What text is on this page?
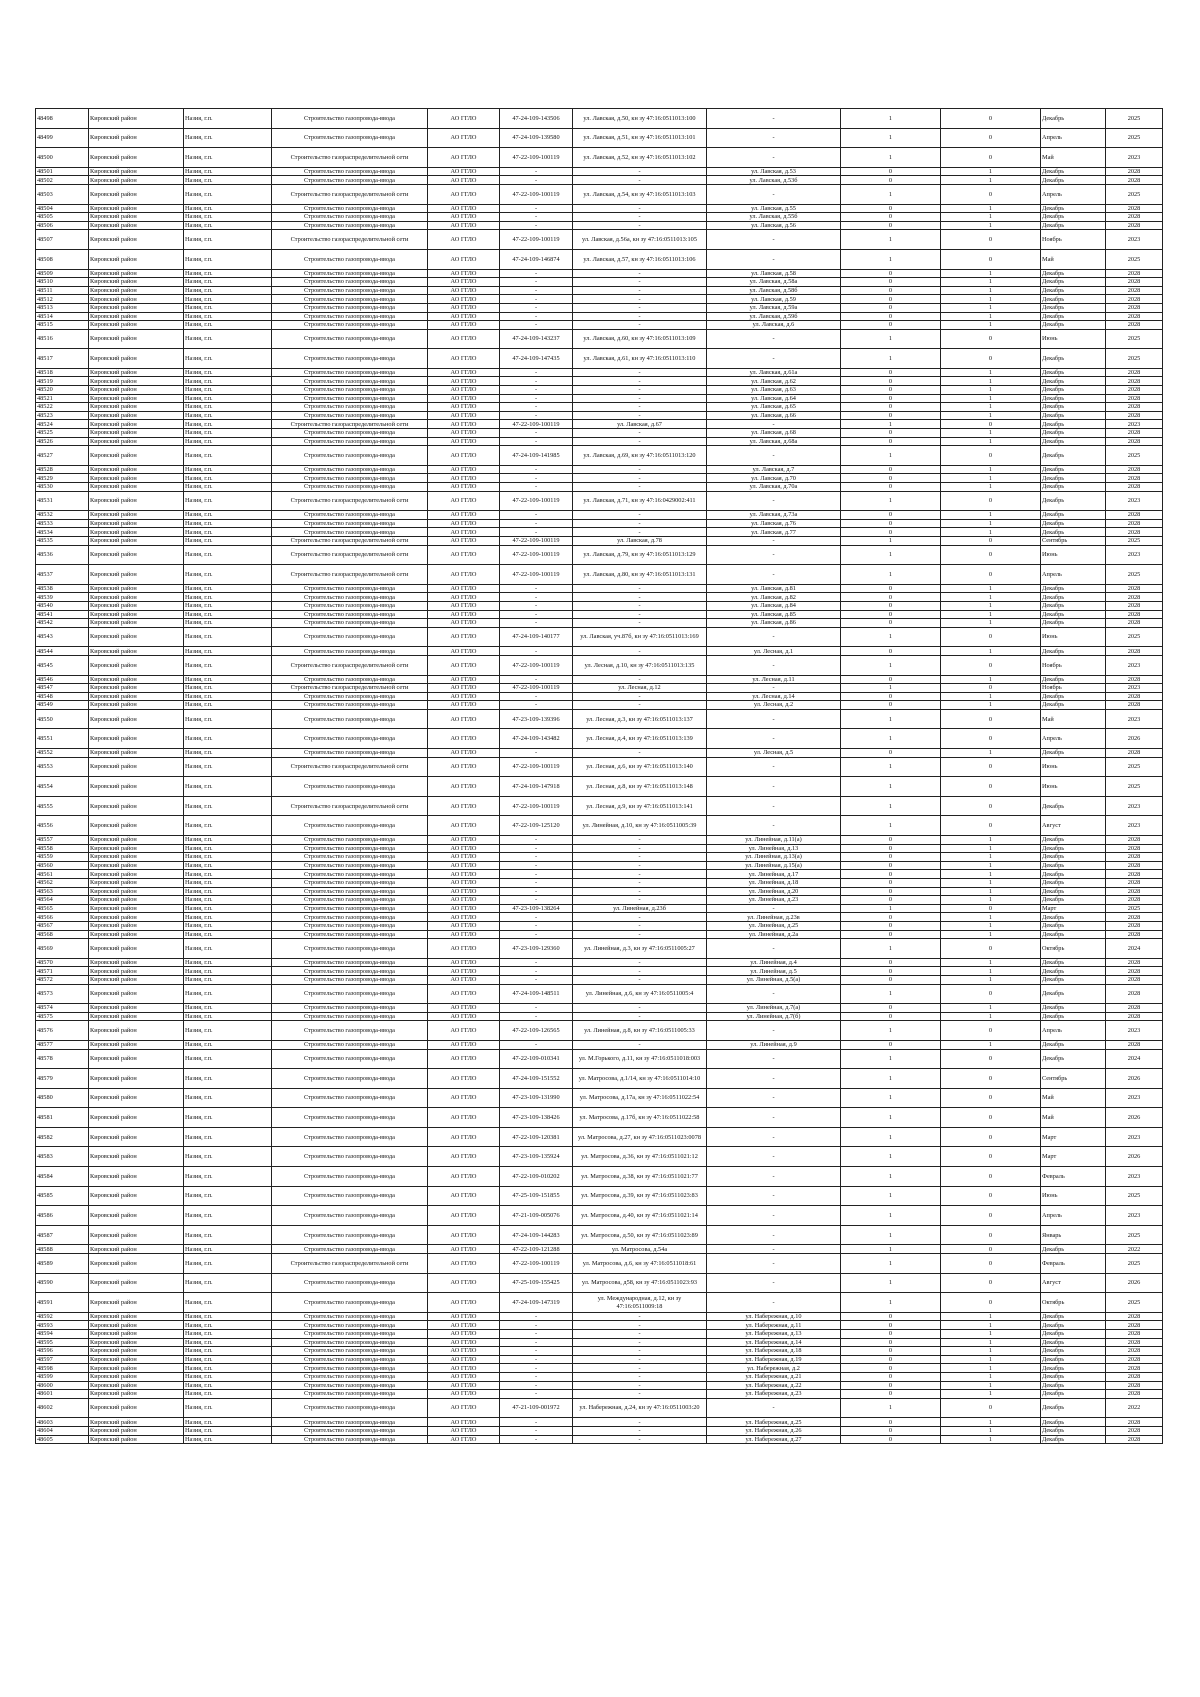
48498	Кировский район	Назия, г.п.	Строительство газопровода-ввода	АО ГГЛО	47-24-109-143506	ул. Лавская, д.50, кн зу 47:16:0511013:100	-	1	0	Декабрь	2025
48499	Кировский район	Назия, г.п.	Строительство газопровода-ввода	АО ГГЛО	47-24-109-139580	ул. Лавская, д.51, кн зу 47:16:0511013:101	-	1	0	Апрель	2025
48500	Кировский район	Назия, г.п.	Строительство газораспределительной сети	АО ГГЛО	47-22-109-100119	ул. Лавская, д.52, кн зу 47:16:0511013:102	-	1	0	Май	2023
48501	Кировский район	Назия, г.п.	Строительство газопровода-ввода	АО ГГЛО	-	-	ул. Лавская, д.53	0	1	Декабрь	2028
48502	Кировский район	Назия, г.п.	Строительство газопровода-ввода	АО ГГЛО	-	-	ул. Лавская, д.53б	0	1	Декабрь	2028
48503	Кировский район	Назия, г.п.	Строительство газораспределительной сети	АО ГГЛО	47-22-109-100119	ул. Лавская, д.54, кн зу 47:16:0511013:103	-	1	0	Апрель	2025
48504	Кировский район	Назия, г.п.	Строительство газопровода-ввода	АО ГГЛО	-	-	ул. Лавская, д.55	0	1	Декабрь	2028
48505	Кировский район	Назия, г.п.	Строительство газопровода-ввода	АО ГГЛО	-	-	ул. Лавская, д.55б	0	1	Декабрь	2028
48506	Кировский район	Назия, г.п.	Строительство газопровода-ввода	АО ГГЛО	-	-	ул. Лавская, д.56	0	1	Декабрь	2028
48507	Кировский район	Назия, г.п.	Строительство газораспределительной сети	АО ГГЛО	47-22-109-100119	ул. Лавская, д.56а, кн зу 47:16:0511013:105	-	1	0	Ноябрь	2023
48508	Кировский район	Назия, г.п.	Строительство газопровода-ввода	АО ГГЛО	47-24-109-146874	ул. Лавская, д.57, кн зу 47:16:0511013:106	-	1	0	Май	2025
48509	Кировский район	Назия, г.п.	Строительство газопровода-ввода	АО ГГЛО	-	-	ул. Лавская, д.58	0	1	Декабрь	2028
48510	Кировский район	Назия, г.п.	Строительство газопровода-ввода	АО ГГЛО	-	-	ул. Лавская, д.58а	0	1	Декабрь	2028
48511	Кировский район	Назия, г.п.	Строительство газопровода-ввода	АО ГГЛО	-	-	ул. Лавская, д.58б	0	1	Декабрь	2028
48512	Кировский район	Назия, г.п.	Строительство газопровода-ввода	АО ГГЛО	-	-	ул. Лавская, д.59	0	1	Декабрь	2028
48513	Кировский район	Назия, г.п.	Строительство газопровода-ввода	АО ГГЛО	-	-	ул. Лавская, д.59а	0	1	Декабрь	2028
48514	Кировский район	Назия, г.п.	Строительство газопровода-ввода	АО ГГЛО	-	-	ул. Лавская, д.59б	0	1	Декабрь	2028
48515	Кировский район	Назия, г.п.	Строительство газопровода-ввода	АО ГГЛО	-	-	ул. Лавская, д.6	0	1	Декабрь	2028
48516	Кировский район	Назия, г.п.	Строительство газопровода-ввода	АО ГГЛО	47-24-109-143237	ул. Лавская, д.60, кн зу 47:16:0511013:109	-	1	0	Июнь	2025
48517	Кировский район	Назия, г.п.	Строительство газопровода-ввода	АО ГГЛО	47-24-109-147435	ул. Лавская, д.61, кн зу 47:16:0511013:110	-	1	0	Декабрь	2025
48518	Кировский район	Назия, г.п.	Строительство газопровода-ввода	АО ГГЛО	-	-	ул. Лавская, д.61а	0	1	Декабрь	2028
48519	Кировский район	Назия, г.п.	Строительство газопровода-ввода	АО ГГЛО	-	-	ул. Лавская, д.62	0	1	Декабрь	2028
48520	Кировский район	Назия, г.п.	Строительство газопровода-ввода	АО ГГЛО	-	-	ул. Лавская, д.63	0	1	Декабрь	2028
48521	Кировский район	Назия, г.п.	Строительство газопровода-ввода	АО ГГЛО	-	-	ул. Лавская, д.64	0	1	Декабрь	2028
48522	Кировский район	Назия, г.п.	Строительство газопровода-ввода	АО ГГЛО	-	-	ул. Лавская, д.65	0	1	Декабрь	2028
48523	Кировский район	Назия, г.п.	Строительство газопровода-ввода	АО ГГЛО	-	-	ул. Лавская, д.66	0	1	Декабрь	2028
48524	Кировский район	Назия, г.п.	Строительство газораспределительной сети	АО ГГЛО	47-22-109-100119	ул. Лавская, д.67	-	1	0	Декабрь	2023
48525	Кировский район	Назия, г.п.	Строительство газопровода-ввода	АО ГГЛО	-	-	ул. Лавская, д.68	0	1	Декабрь	2028
48526	Кировский район	Назия, г.п.	Строительство газопровода-ввода	АО ГГЛО	-	-	ул. Лавская, д.68а	0	1	Декабрь	2028
48527	Кировский район	Назия, г.п.	Строительство газопровода-ввода	АО ГГЛО	47-24-109-141985	ул. Лавская, д.69, кн зу 47:16:0511013:120	-	1	0	Декабрь	2025
48528	Кировский район	Назия, г.п.	Строительство газопровода-ввода	АО ГГЛО	-	-	ул. Лавская, д.7	0	1	Декабрь	2028
48529	Кировский район	Назия, г.п.	Строительство газопровода-ввода	АО ГГЛО	-	-	ул. Лавская, д.70	0	1	Декабрь	2028
48530	Кировский район	Назия, г.п.	Строительство газопровода-ввода	АО ГГЛО	-	-	ул. Лавская, д.70а	0	1	Декабрь	2028
48531	Кировский район	Назия, г.п.	Строительство газораспределительной сети	АО ГГЛО	47-22-109-100119	ул. Лавская, д.71, кн зу 47:16:0429002:411	-	1	0	Декабрь	2023
48532	Кировский район	Назия, г.п.	Строительство газопровода-ввода	АО ГГЛО	-	-	ул. Лавская, д.73а	0	1	Декабрь	2028
48533	Кировский район	Назия, г.п.	Строительство газопровода-ввода	АО ГГЛО	-	-	ул. Лавская, д.76	0	1	Декабрь	2028
48534	Кировский район	Назия, г.п.	Строительство газопровода-ввода	АО ГГЛО	-	-	ул. Лавская, д.77	0	1	Декабрь	2028
48535	Кировский район	Назия, г.п.	Строительство газораспределительной сети	АО ГГЛО	47-22-109-100119	ул. Лавская, д.78	-	1	0	Сентябрь	2025
48536	Кировский район	Назия, г.п.	Строительство газораспределительной сети	АО ГГЛО	47-22-109-100119	ул. Лавская, д.79, кн зу 47:16:0511013:129	-	1	0	Июнь	2023
48537	Кировский район	Назия, г.п.	Строительство газораспределительной сети	АО ГГЛО	47-22-109-100119	ул. Лавская, д.80, кн зу 47:16:0511013:131	-	1	0	Апрель	2025
48538	Кировский район	Назия, г.п.	Строительство газопровода-ввода	АО ГГЛО	-	-	ул. Лавская, д.81	0	1	Декабрь	2028
48539	Кировский район	Назия, г.п.	Строительство газопровода-ввода	АО ГГЛО	-	-	ул. Лавская, д.82	0	1	Декабрь	2028
48540	Кировский район	Назия, г.п.	Строительство газопровода-ввода	АО ГГЛО	-	-	ул. Лавская, д.84	0	1	Декабрь	2028
48541	Кировский район	Назия, г.п.	Строительство газопровода-ввода	АО ГГЛО	-	-	ул. Лавская, д.85	0	1	Декабрь	2028
48542	Кировский район	Назия, г.п.	Строительство газопровода-ввода	АО ГГЛО	-	-	ул. Лавская, д.86	0	1	Декабрь	2028
48543	Кировский район	Назия, г.п.	Строительство газопровода-ввода	АО ГГЛО	47-24-109-140177	ул. Лавская, уч.87б, кн зу 47:16:0511013:169	-	1	0	Июнь	2025
48544	Кировский район	Назия, г.п.	Строительство газопровода-ввода	АО ГГЛО	-	-	ул. Лесная, д.1	0	1	Декабрь	2028
48545	Кировский район	Назия, г.п.	Строительство газораспределительной сети	АО ГГЛО	47-22-109-100119	ул. Лесная, д.10, кн зу 47:16:0511013:135	-	1	0	Ноябрь	2023
48546	Кировский район	Назия, г.п.	Строительство газопровода-ввода	АО ГГЛО	-	-	ул. Лесная, д.11	0	1	Декабрь	2028
48547	Кировский район	Назия, г.п.	Строительство газораспределительной сети	АО ГГЛО	47-22-109-100119	ул. Лесная, д.12	-	1	0	Ноябрь	2023
48548	Кировский район	Назия, г.п.	Строительство газопровода-ввода	АО ГГЛО	-	-	ул. Лесная, д.14	0	1	Декабрь	2028
48549	Кировский район	Назия, г.п.	Строительство газопровода-ввода	АО ГГЛО	-	-	ул. Лесная, д.2	0	1	Декабрь	2028
48550	Кировский район	Назия, г.п.	Строительство газопровода-ввода	АО ГГЛО	47-23-109-139396	ул. Лесная, д.3, кн зу 47:16:0511013:137	-	1	0	Май	2023
48551	Кировский район	Назия, г.п.	Строительство газопровода-ввода	АО ГГЛО	47-24-109-143482	ул. Лесная, д.4, кн зу 47:16:0511013:139	-	1	0	Апрель	2026
48552	Кировский район	Назия, г.п.	Строительство газопровода-ввода	АО ГГЛО	-	-	ул. Лесная, д.5	0	1	Декабрь	2028
48553	Кировский район	Назия, г.п.	Строительство газораспределительной сети	АО ГГЛО	47-22-109-100119	ул. Лесная, д.6, кн зу 47:16:0511013:140	-	1	0	Июнь	2025
48554	Кировский район	Назия, г.п.	Строительство газопровода-ввода	АО ГГЛО	47-24-109-147918	ул. Лесная, д.8, кн зу 47:16:0511013:148	-	1	0	Июнь	2025
48555	Кировский район	Назия, г.п.	Строительство газораспределительной сети	АО ГГЛО	47-22-109-100119	ул. Лесная, д.9, кн зу 47:16:0511013:141	-	1	0	Декабрь	2023
48556	Кировский район	Назия, г.п.	Строительство газопровода-ввода	АО ГГЛО	47-22-109-125120	ул. Линейная, д.10, кн зу 47:16:0511005:39	-	1	0	Август	2023
48557	Кировский район	Назия, г.п.	Строительство газопровода-ввода	АО ГГЛО	-	-	ул. Линейная, д.11(а)	0	1	Декабрь	2028
48558	Кировский район	Назия, г.п.	Строительство газопровода-ввода	АО ГГЛО	-	-	ул. Линейная, д.13	0	1	Декабрь	2028
48559	Кировский район	Назия, г.п.	Строительство газопровода-ввода	АО ГГЛО	-	-	ул. Линейная, д.13(а)	0	1	Декабрь	2028
48560	Кировский район	Назия, г.п.	Строительство газопровода-ввода	АО ГГЛО	-	-	ул. Линейная, д.15(а)	0	1	Декабрь	2028
48561	Кировский район	Назия, г.п.	Строительство газопровода-ввода	АО ГГЛО	-	-	ул. Линейная, д.17	0	1	Декабрь	2028
48562	Кировский район	Назия, г.п.	Строительство газопровода-ввода	АО ГГЛО	-	-	ул. Линейная, д.18	0	1	Декабрь	2028
48563	Кировский район	Назия, г.п.	Строительство газопровода-ввода	АО ГГЛО	-	-	ул. Линейная, д.20	0	1	Декабрь	2028
48564	Кировский район	Назия, г.п.	Строительство газопровода-ввода	АО ГГЛО	-	-	ул. Линейная, д.23	0	1	Декабрь	2028
48565	Кировский район	Назия, г.п.	Строительство газопровода-ввода	АО ГГЛО	47-23-109-138264	ул. Линейная, д.23б	-	1	0	Март	2025
48566	Кировский район	Назия, г.п.	Строительство газопровода-ввода	АО ГГЛО	-	-	ул. Линейная, д.23в	0	1	Декабрь	2028
48567	Кировский район	Назия, г.п.	Строительство газопровода-ввода	АО ГГЛО	-	-	ул. Линейная, д.25	0	1	Декабрь	2028
48568	Кировский район	Назия, г.п.	Строительство газопровода-ввода	АО ГГЛО	-	-	ул. Линейная, д.2а	0	1	Декабрь	2028
48569	Кировский район	Назия, г.п.	Строительство газопровода-ввода	АО ГГЛО	47-23-109-129360	ул. Линейная, д.3, кн зу 47:16:0511005:27	-	1	0	Октябрь	2024
48570	Кировский район	Назия, г.п.	Строительство газопровода-ввода	АО ГГЛО	-	-	ул. Линейная, д.4	0	1	Декабрь	2028
48571	Кировский район	Назия, г.п.	Строительство газопровода-ввода	АО ГГЛО	-	-	ул. Линейная, д.5	0	1	Декабрь	2028
48572	Кировский район	Назия, г.п.	Строительство газопровода-ввода	АО ГГЛО	-	-	ул. Линейная, д.5(а)	0	1	Декабрь	2028
48573	Кировский район	Назия, г.п.	Строительство газопровода-ввода	АО ГГЛО	47-24-109-148511	ул. Линейная, д.6, кн зу 47:16:0511005:4	-	1	0	Декабрь	2028
48574	Кировский район	Назия, г.п.	Строительство газопровода-ввода	АО ГГЛО	-	-	ул. Линейная, д.7(а)	0	1	Декабрь	2028
48575	Кировский район	Назия, г.п.	Строительство газопровода-ввода	АО ГГЛО	-	-	ул. Линейная, д.7(б)	0	1	Декабрь	2028
48576	Кировский район	Назия, г.п.	Строительство газопровода-ввода	АО ГГЛО	47-22-109-126565	ул. Линейная, д.8, кн зу 47:16:0511005:33	-	1	0	Апрель	2023
48577	Кировский район	Назия, г.п.	Строительство газопровода-ввода	АО ГГЛО	-	-	ул. Линейная, д.9	0	1	Декабрь	2028
48578	Кировский район	Назия, г.п.	Строительство газопровода-ввода	АО ГГЛО	47-22-109-010341	ул. М.Горького, д.11, кн зу 47:16:0511018:003	-	1	0	Декабрь	2024
48579	Кировский район	Назия, г.п.	Строительство газопровода-ввода	АО ГГЛО	47-24-109-151552	ул. Матросова, д.1/14, кн зу 47:16:0511014:10	-	1	0	Сентябрь	2026
48580	Кировский район	Назия, г.п.	Строительство газопровода-ввода	АО ГГЛО	47-23-109-131990	ул. Матросова, д.17а, кн зу 47:16:0511022:54	-	1	0	Май	2023
48581	Кировский район	Назия, г.п.	Строительство газопровода-ввода	АО ГГЛО	47-23-109-138426	ул. Матросова, д.17б, кн зу 47:16:0511022:58	-	1	0	Май	2026
48582	Кировский район	Назия, г.п.	Строительство газопровода-ввода	АО ГГЛО	47-22-109-120381	ул. Матросова, д.27, кн зу 47:16:0511023:0078	-	1	0	Март	2023
48583	Кировский район	Назия, г.п.	Строительство газопровода-ввода	АО ГГЛО	47-23-109-135924	ул. Матросова, д.36, кн зу 47:16:0511021:12	-	1	0	Март	2026
48584	Кировский район	Назия, г.п.	Строительство газопровода-ввода	АО ГГЛО	47-22-109-010202	ул. Матросова, д.38, кн зу 47:16:0511021:77	-	1	0	Февраль	2023
48585	Кировский район	Назия, г.п.	Строительство газопровода-ввода	АО ГГЛО	47-25-109-151855	ул. Матросова, д.39, кн зу 47:16:0511023:83	-	1	0	Июнь	2025
48586	Кировский район	Назия, г.п.	Строительство газопровода-ввода	АО ГГЛО	47-21-109-005076	ул. Матросова, д.40, кн зу 47:16:0511021:14	-	1	0	Апрель	2023
48587	Кировский район	Назия, г.п.	Строительство газопровода-ввода	АО ГГЛО	47-24-109-144283	ул. Матросова, д.50, кн зу 47:16:0511023:89	-	1	0	Январь	2025
48588	Кировский район	Назия, г.п.	Строительство газопровода-ввода	АО ГГЛО	47-22-109-121288	ул. Матросова, д.54а	-	1	0	Декабрь	2022
48589	Кировский район	Назия, г.п.	Строительство газораспределительной сети	АО ГГЛО	47-22-109-100119	ул. Матросова, д.6, кн зу 47:16:0511018:61	-	1	0	Февраль	2025
48590	Кировский район	Назия, г.п.	Строительство газопровода-ввода	АО ГГЛО	47-25-109-155425	ул. Матросова, д58, кн зу 47:16:0511023:93	-	1	0	Август	2026
48591	Кировский район	Назия, г.п.	Строительство газопровода-ввода	АО ГГЛО	47-24-109-147319	ул. Международная, д.12, кн зу 47:16:0511009:18	-	1	0	Октябрь	2025
48592	Кировский район	Назия, г.п.	Строительство газопровода-ввода	АО ГГЛО	-	-	ул. Набережная, д.10	0	1	Декабрь	2028
48593	Кировский район	Назия, г.п.	Строительство газопровода-ввода	АО ГГЛО	-	-	ул. Набережная, д.11	0	1	Декабрь	2028
48594	Кировский район	Назия, г.п.	Строительство газопровода-ввода	АО ГГЛО	-	-	ул. Набережная, д.13	0	1	Декабрь	2028
48595	Кировский район	Назия, г.п.	Строительство газопровода-ввода	АО ГГЛО	-	-	ул. Набережная, д.14	0	1	Декабрь	2028
48596	Кировский район	Назия, г.п.	Строительство газопровода-ввода	АО ГГЛО	-	-	ул. Набережная, д.18	0	1	Декабрь	2028
48597	Кировский район	Назия, г.п.	Строительство газопровода-ввода	АО ГГЛО	-	-	ул. Набережная, д.19	0	1	Декабрь	2028
48598	Кировский район	Назия, г.п.	Строительство газопровода-ввода	АО ГГЛО	-	-	ул. Набережная, д.2	0	1	Декабрь	2028
48599	Кировский район	Назия, г.п.	Строительство газопровода-ввода	АО ГГЛО	-	-	ул. Набережная, д.21	0	1	Декабрь	2028
48600	Кировский район	Назия, г.п.	Строительство газопровода-ввода	АО ГГЛО	-	-	ул. Набережная, д.22	0	1	Декабрь	2028
48601	Кировский район	Назия, г.п.	Строительство газопровода-ввода	АО ГГЛО	-	-	ул. Набережная, д.23	0	1	Декабрь	2028
48602	Кировский район	Назия, г.п.	Строительство газопровода-ввода	АО ГГЛО	47-21-109-001972	ул. Набережная, д.24, кн зу 47:16:0511003:20	-	1	0	Декабрь	2022
48603	Кировский район	Назия, г.п.	Строительство газопровода-ввода	АО ГГЛО	-	-	ул. Набережная, д.25	0	1	Декабрь	2028
48604	Кировский район	Назия, г.п.	Строительство газопровода-ввода	АО ГГЛО	-	-	ул. Набережная, д.26	0	1	Декабрь	2028
48605	Кировский район	Назия, г.п.	Строительство газопровода-ввода	АО ГГЛО	-	-	ул. Набережная, д.27	0	1	Декабрь	2028
